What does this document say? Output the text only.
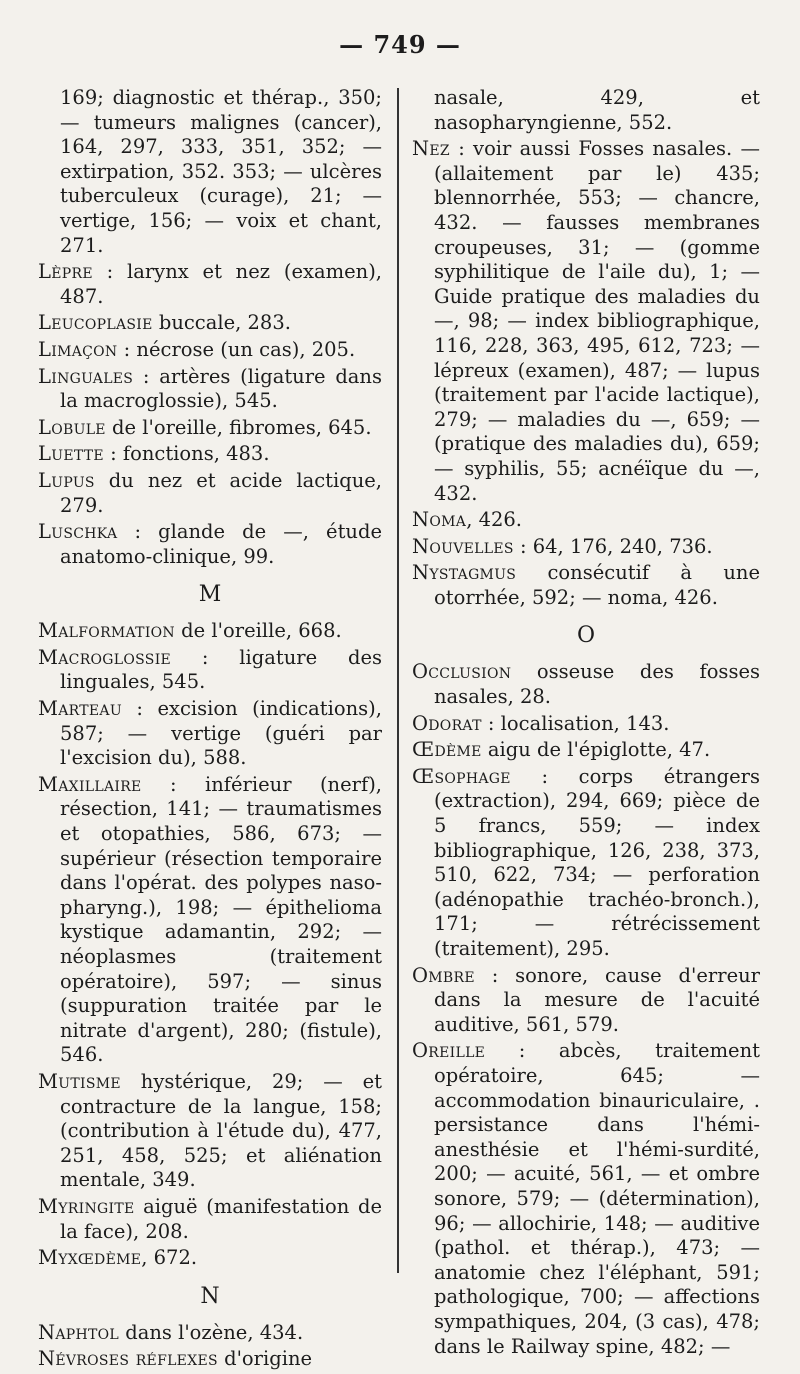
— 749 —
169; diagnostic et thérap., 350; — tumeurs malignes (cancer), 164, 297, 333, 351, 352; — extirpation, 352. 353; — ulcères tuberculeux (curage), 21; — vertige, 156; — voix et chant, 271.
Lèpre : larynx et nez (examen), 487.
Leucoplasie buccale, 283.
Limaçon : nécrose (un cas), 205.
Linguales : artères (ligature dans la macroglossie), 545.
Lobule de l'oreille, fibromes, 645.
Luette : fonctions, 483.
Lupus du nez et acide lactique, 279.
Luschka : glande de —, étude anatomo-clinique, 99.
M
Malformation de l'oreille, 668.
Macroglossie : ligature des linguales, 545.
Marteau : excision (indications), 587; — vertige (guéri par l'excision du), 588.
Maxillaire : inférieur (nerf), résection, 141; — traumatismes et otopathies, 586, 673; — supérieur (résection temporaire dans l'opérat. des polypes naso-pharyng.), 198; — épithelioma kystique adamantin, 292; — néoplasmes (traitement opératoire), 597; — sinus (suppuration traitée par le nitrate d'argent), 280; (fistule), 546.
Mutisme hystérique, 29; — et contracture de la langue, 158; (contribution à l'étude du), 477, 251, 458, 525; et aliénation mentale, 349.
Myringite aiguë (manifestation de la face), 208.
Myxœdème, 672.
N
Naphtol dans l'ozène, 434.
Névroses réflexes d'origine
nasale, 429, et nasopharyngienne, 552.
Nez : voir aussi Fosses nasales. — (allaitement par le) 435; blennorrhée, 553; — chancre, 432. — fausses membranes croupeuses, 31; — (gomme syphilitique de l'aile du), 1; — Guide pratique des maladies du —, 98; — index bibliographique, 116, 228, 363, 495, 612, 723; — lépreux (examen), 487; — lupus (traitement par l'acide lactique), 279; — maladies du —, 659; — (pratique des maladies du), 659; — syphilis, 55; acnéïque du —, 432.
Noma, 426.
Nouvelles : 64, 176, 240, 736.
Nystagmus consécutif à une otorrhée, 592; — noma, 426.
O
Occlusion osseuse des fosses nasales, 28.
Odorat : localisation, 143.
Œdème aigu de l'épiglotte, 47.
Œsophage : corps étrangers (extraction), 294, 669; pièce de 5 francs, 559; — index bibliographique, 126, 238, 373, 510, 622, 734; — perforation (adénopathie trachéo-bronch.), 171; — rétrécissement (traitement), 295.
Ombre : sonore, cause d'erreur dans la mesure de l'acuité auditive, 561, 579.
Oreille : abcès, traitement opératoire, 645; — accommodation binauriculaire, . persistance dans l'hémi-anesthésie et l'hémi-surdité, 200; — acuité, 561, — et ombre sonore, 579; — (détermination), 96; — allochirie, 148; — auditive (pathol. et thérap.), 473; — anatomie chez l'éléphant, 591; pathologique, 700; — affections sympathiques, 204, (3 cas), 478; dans le Railway spine, 482; —
